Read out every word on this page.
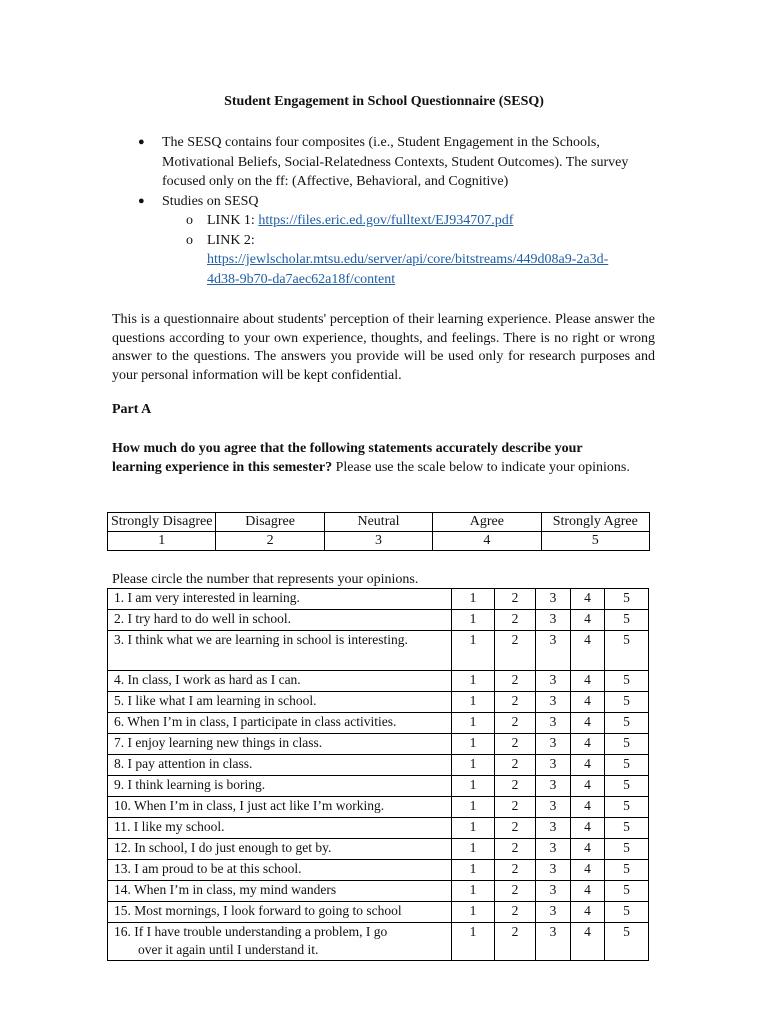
Student Engagement in School Questionnaire (SESQ)
● The SESQ contains four composites (i.e., Student Engagement in the Schools, Motivational Beliefs, Social-Relatedness Contexts, Student Outcomes). The survey focused only on the ff: (Affective, Behavioral, and Cognitive)
● Studies on SESQ
o LINK 1: https://files.eric.ed.gov/fulltext/EJ934707.pdf
o LINK 2:
https://jewlscholar.mtsu.edu/server/api/core/bitstreams/449d08a9-2a3d-
4d38-9b70-da7aec62a18f/content

This is a questionnaire about students' perception of their learning experience. Please answer the questions according to your own experience, thoughts, and feelings. There is no right or wrong answer to the questions. The answers you provide will be used only for research purposes and your personal information will be kept confidential.

Part A

How much do you agree that the following statements accurately describe your learning experience in this semester? Please use the scale below to indicate your opinions.

Strongly Disagree	Disagree	Neutral	Agree	Strongly Agree
1	2	3	4	5
Please circle the number that represents your opinions.
1. I am very interested in learning.	1	2	3	4	5
2. I try hard to do well in school.	1	2	3	4	5
3. I think what we are learning in school is interesting.	1	2	3	4	5
4. In class, I work as hard as I can.	1	2	3	4	5
5. I like what I am learning in school.	1	2	3	4	5
6. When I’m in class, I participate in class activities.	1	2	3	4	5
7. I enjoy learning new things in class.	1	2	3	4	5
8. I pay attention in class.	1	2	3	4	5
9. I think learning is boring.	1	2	3	4	5
10. When I’m in class, I just act like I’m working.	1	2	3	4	5
11. I like my school.	1	2	3	4	5
12. In school, I do just enough to get by.	1	2	3	4	5
13. I am proud to be at this school.	1	2	3	4	5
14. When I’m in class, my mind wanders	1	2	3	4	5
15. Most mornings, I look forward to going to school	1	2	3	4	5

16. If I have trouble understanding a problem, I go
over it again until I understand it.	1	2	3	4	5
